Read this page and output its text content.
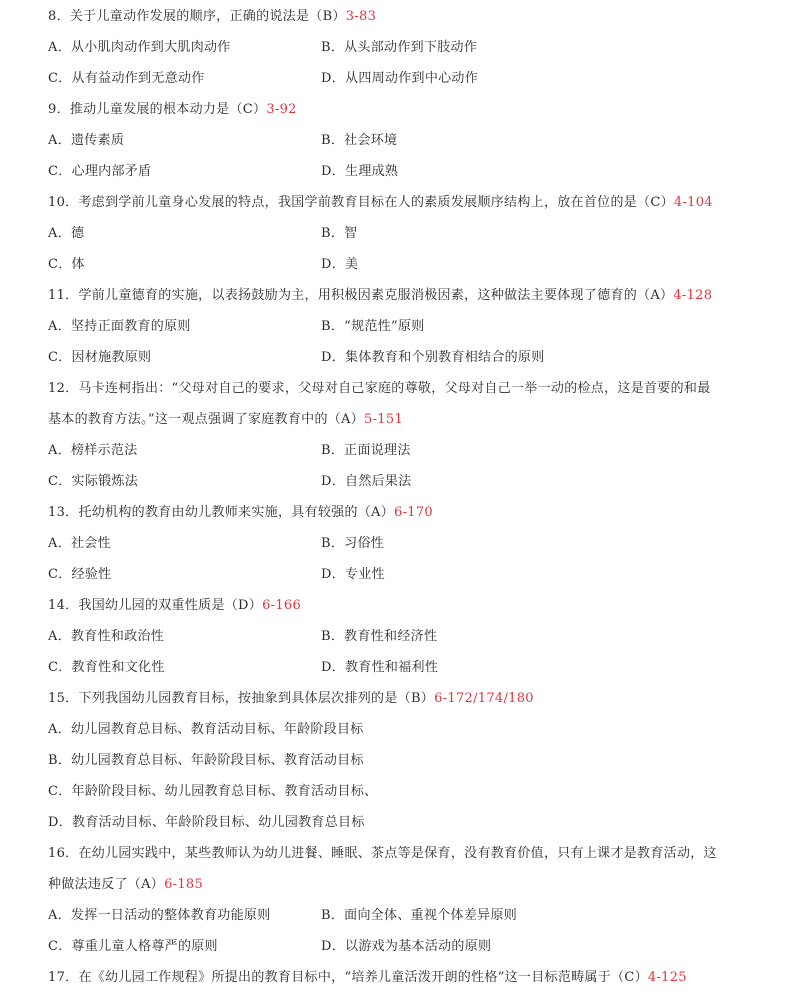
8．关于儿童动作发展的顺序，正确的说法是（B）3-83
A．从小肌肉动作到大肌肉动作	B．从头部动作到下肢动作
C．从有益动作到无意动作	D．从四周动作到中心动作
9．推动儿童发展的根本动力是（C）3-92
A．遗传素质	B．社会环境
C．心理内部矛盾	D．生理成熟
10．考虑到学前儿童身心发展的特点，我国学前教育目标在人的素质发展顺序结构上，放在首位的是（C）4-104
A．德	B．智
C．体	D．美
11．学前儿童德育的实施，以表扬鼓励为主，用积极因素克服消极因素，这种做法主要体现了德育的（A）4-128
A．坚持正面教育的原则	B．“规范性”原则
C．因材施教原则	D．集体教育和个别教育相结合的原则
12．马卡连柯指出：“父母对自己的要求，父母对自己家庭的尊敬，父母对自己一举一动的检点，这是首要的和最
基本的教育方法。”这一观点强调了家庭教育中的（A）5-151
A．榜样示范法	B．正面说理法
C．实际锻炼法	D．自然后果法
13．托幼机构的教育由幼儿教师来实施，具有较强的（A）6-170
A．社会性	B．习俗性
C．经验性	D．专业性
14．我国幼儿园的双重性质是（D）6-166
A．教育性和政治性	B．教育性和经济性
C．教育性和文化性	D．教育性和福利性
15．下列我国幼儿园教育目标，按抽象到具体层次排列的是（B）6-172/174/180
A．幼儿园教育总目标、教育活动目标、年龄阶段目标
B．幼儿园教育总目标、年龄阶段目标、教育活动目标
C．年龄阶段目标、幼儿园教育总目标、教育活动目标、
D．教育活动目标、年龄阶段目标、幼儿园教育总目标
16．在幼儿园实践中，某些教师认为幼儿进餐、睡眠、茶点等是保育，没有教育价值，只有上课才是教育活动，这
种做法违反了（A）6-185
A．发挥一日活动的整体教育功能原则	B．面向全体、重视个体差异原则
C．尊重儿童人格尊严的原则	D．以游戏为基本活动的原则
17．在《幼儿园工作规程》所提出的教育目标中，“培养儿童活泼开朗的性格”这一目标范畴属于（C）4-125
